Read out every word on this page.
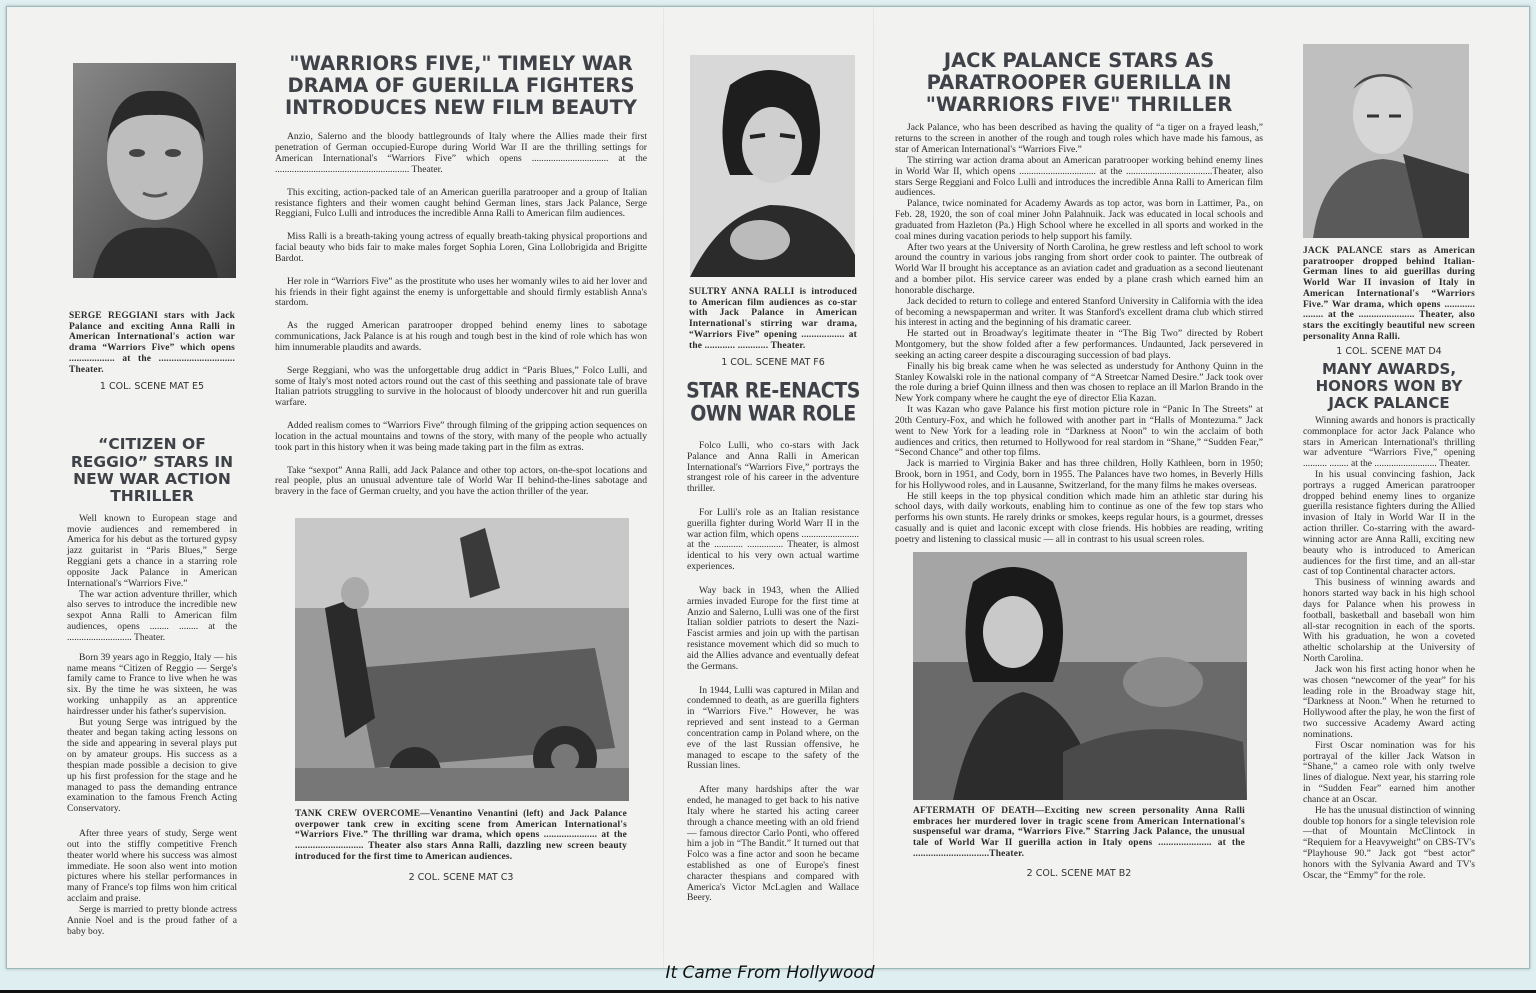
SERGE REGGIANI stars with Jack Palance and exciting Anna Ralli in American International's action war drama “Warriors Five” which opens .................. at the .............................. Theater.

1 COL. SCENE MAT E5

“CITIZEN OF REGGIO” STARS IN NEW WAR ACTION THRILLER

Well known to European stage and movie audiences and remembered in America for his debut as the tortured gypsy jazz guitarist in “Paris Blues,” Serge Reggiani gets a chance in a starring role opposite Jack Palance in American International's “Warriors Five.”

The war action adventure thriller, which also serves to introduce the incredible new sexpot Anna Ralli to American film audiences, opens ........ ........ at the ........................... Theater.

Born 39 years ago in Reggio, Italy — his name means “Citizen of Reggio — Serge's family came to France to live when he was six. By the time he was sixteen, he was working unhappily as an apprentice hairdresser under his father's supervision.

But young Serge was intrigued by the theater and began taking acting lessons on the side and appearing in several plays put on by amateur groups. His success as a thespian made possible a decision to give up his first profession for the stage and he managed to pass the demanding entrance examination to the famous French Acting Conservatory.

After three years of study, Serge went out into the stiffly competitive French theater world where his success was almost immediate. He soon also went into motion pictures where his stellar performances in many of France's top films won him critical acclaim and praise.

Serge is married to pretty blonde actress Annie Noel and is the proud father of a baby boy.

"WARRIORS FIVE," TIMELY WAR DRAMA OF GUERILLA FIGHTERS INTRODUCES NEW FILM BEAUTY

Anzio, Salerno and the bloody battlegrounds of Italy where the Allies made their first penetration of German occupied-Europe during World War II are the thrilling settings for American International's “Warriors Five” which opens ................................ at the ........................................................ Theater.

This exciting, action-packed tale of an American guerilla paratrooper and a group of Italian resistance fighters and their women caught behind German lines, stars Jack Palance, Serge Reggiani, Fulco Lulli and introduces the incredible Anna Ralli to American film audiences.

Miss Ralli is a breath-taking young actress of equally breath-taking physical proportions and facial beauty who bids fair to make males forget Sophia Loren, Gina Lollobrigida and Brigitte Bardot.

Her role in “Warriors Five” as the prostitute who uses her womanly wiles to aid her lover and his friends in their fight against the enemy is unforgettable and should firmly establish Anna's stardom.

As the rugged American paratrooper dropped behind enemy lines to sabotage communications, Jack Palance is at his rough and tough best in the kind of role which has won him innumerable plaudits and awards.

Serge Reggiani, who was the unforgettable drug addict in “Paris Blues,” Folco Lulli, and some of Italy's most noted actors round out the cast of this seething and passionate tale of brave Italian patriots struggling to survive in the holocaust of bloody undercover hit and run guerilla warfare.

Added realism comes to “Warriors Five” through filming of the gripping action sequences on location in the actual mountains and towns of the story, with many of the people who actually took part in this history when it was being made taking part in the film as extras.

Take “sexpot” Anna Ralli, add Jack Palance and other top actors, on-the-spot locations and real people, plus an unusual adventure tale of World War II behind-the-lines sabotage and bravery in the face of German cruelty, and you have the action thriller of the year.

TANK CREW OVERCOME—Venantino Venantini (left) and Jack Palance overpower tank crew in exciting scene from American International's “Warriors Five.” The thrilling war drama, which opens ..................... at the ........................... Theater also stars Anna Ralli, dazzling new screen beauty introduced for the first time to American audiences.

2 COL. SCENE MAT C3

SULTRY ANNA RALLI is introduced to American film audiences as co-star with Jack Palance in American International's stirring war drama, “Warriors Five” opening ................. at the ............ ............ Theater.

1 COL. SCENE MAT F6

STAR RE-ENACTS OWN WAR ROLE

Folco Lulli, who co-stars with Jack Palance and Anna Ralli in American International's “Warriors Five,” portrays the strangest role of his career in the adventure thriller.

For Lulli's role as an Italian resistance guerilla fighter during World Warr II in the war action film, which opens ........................ at the ............ ............... Theater, is almost identical to his very own actual wartime experiences.

Way back in 1943, when the Allied armies invaded Europe for the first time at Anzio and Salerno, Lulli was one of the first Italian soldier patriots to desert the Nazi-Fascist armies and join up with the partisan resistance movement which did so much to aid the Allies advance and eventually defeat the Germans.

In 1944, Lulli was captured in Milan and condemned to death, as are guerilla fighters in “Warriors Five.” However, he was reprieved and sent instead to a German concentration camp in Poland where, on the eve of the last Russian offensive, he managed to escape to the safety of the Russian lines.

After many hardships after the war ended, he managed to get back to his native Italy where he started his acting career through a chance meeting with an old friend — famous director Carlo Ponti, who offered him a job in “The Bandit.” It turned out that Folco was a fine actor and soon he became established as one of Europe's finest character thespians and compared with America's Victor McLaglen and Wallace Beery.

JACK PALANCE STARS AS PARATROOPER GUERILLA IN "WARRIORS FIVE" THRILLER

Jack Palance, who has been described as having the quality of “a tiger on a frayed leash,” returns to the screen in another of the rough and tough roles which have made his famous, as star of American International's “Warriors Five.”

The stirring war action drama about an American paratrooper working behind enemy lines in World War II, which opens ................................ at the ....................................Theater, also stars Serge Reggiani and Folco Lulli and introduces the incredible Anna Ralli to American film audiences.

Palance, twice nominated for Academy Awards as top actor, was born in Lattimer, Pa., on Feb. 28, 1920, the son of coal miner John Palahnuik. Jack was educated in local schools and graduated from Hazleton (Pa.) High School where he excelled in all sports and worked in the coal mines during vacation periods to help support his family.

After two years at the University of North Carolina, he grew restless and left school to work around the country in various jobs ranging from short order cook to painter. The outbreak of World War II brought his acceptance as an aviation cadet and graduation as a second lieutenant and a bomber pilot. His service career was ended by a plane crash which earned him an honorable discharge.

Jack decided to return to college and entered Stanford University in California with the idea of becoming a newspaperman and writer. It was Stanford's excellent drama club which stirred his interest in acting and the beginning of his dramatic career.

He started out in Broadway's legitimate theater in “The Big Two” directed by Robert Montgomery, but the show folded after a few performances. Undaunted, Jack persevered in seeking an acting career despite a discouraging succession of bad plays.

Finally his big break came when he was selected as understudy for Anthony Quinn in the Stanley Kowalski role in the national company of “A Streetcar Named Desire.” Jack took over the role during a brief Quinn illness and then was chosen to replace an ill Marlon Brando in the New York company where he caught the eye of director Elia Kazan.

It was Kazan who gave Palance his first motion picture role in “Panic In The Streets” at 20th Century-Fox, and which he followed with another part in “Halls of Montezuma.” Jack went to New York for a leading role in “Darkness at Noon” to win the acclaim of both audiences and critics, then returned to Hollywood for real stardom in “Shane,” “Sudden Fear,” “Second Chance” and other top films.

Jack is married to Virginia Baker and has three children, Holly Kathleen, born in 1950; Brook, born in 1951, and Cody, born in 1955. The Palances have two homes, in Beverly Hills for his Hollywood roles, and in Lausanne, Switzerland, for the many films he makes overseas.

He still keeps in the top physical condition which made him an athletic star during his school days, with daily workouts, enabling him to continue as one of the few top stars who performs his own stunts. He rarely drinks or smokes, keeps regular hours, is a gourmet, dresses casually and is quiet and laconic except with close friends. His hobbies are reading, writing poetry and listening to classical music — all in contrast to his usual screen roles.

AFTERMATH OF DEATH—Exciting new screen personality Anna Ralli embraces her murdered lover in tragic scene from American International's suspenseful war drama, “Warriors Five.” Starring Jack Palance, the unusual tale of World War II guerilla action in Italy opens ..................... at the ..............................Theater.

2 COL. SCENE MAT B2

JACK PALANCE stars as American paratrooper dropped behind Italian-German lines to aid guerillas during World War II invasion of Italy in American International's “Warriors Five.” War drama, which opens ............ ........ at the ...................... Theater, also stars the excitingly beautiful new screen personality Anna Ralli.

1 COL. SCENE MAT D4

MANY AWARDS, HONORS WON BY JACK PALANCE

Winning awards and honors is practically commonplace for actor Jack Palance who stars in American International's thrilling war adventure “Warriors Five,” opening .......... ........ at the .......................... Theater.

In his usual convincing fashion, Jack portrays a rugged American paratrooper dropped behind enemy lines to organize guerilla resistance fighters during the Allied invasion of Italy in World War II in the action thriller. Co-starring with the award-winning actor are Anna Ralli, exciting new beauty who is introduced to American audiences for the first time, and an all-star cast of top Continental character actors.

This business of winning awards and honors started way back in his high school days for Palance when his prowess in football, basketball and baseball won him all-star recognition in each of the sports. With his graduation, he won a coveted atheltic scholarship at the University of North Carolina.

Jack won his first acting honor when he was chosen “newcomer of the year” for his leading role in the Broadway stage hit, “Darkness at Noon.” When he returned to Hollywood after the play, he won the first of two successive Academy Award acting nominations.

First Oscar nomination was for his portrayal of the killer Jack Watson in “Shane,” a cameo role with only twelve lines of dialogue. Next year, his starring role in “Sudden Fear” earned him another chance at an Oscar.

He has the unusual distinction of winning double top honors for a single television role—that of Mountain McClintock in “Requiem for a Heavyweight” on CBS-TV's “Playhouse 90.” Jack got “best actor” honors with the Sylvania Award and TV's Oscar, the “Emmy” for the role.

It Came From Hollywood
